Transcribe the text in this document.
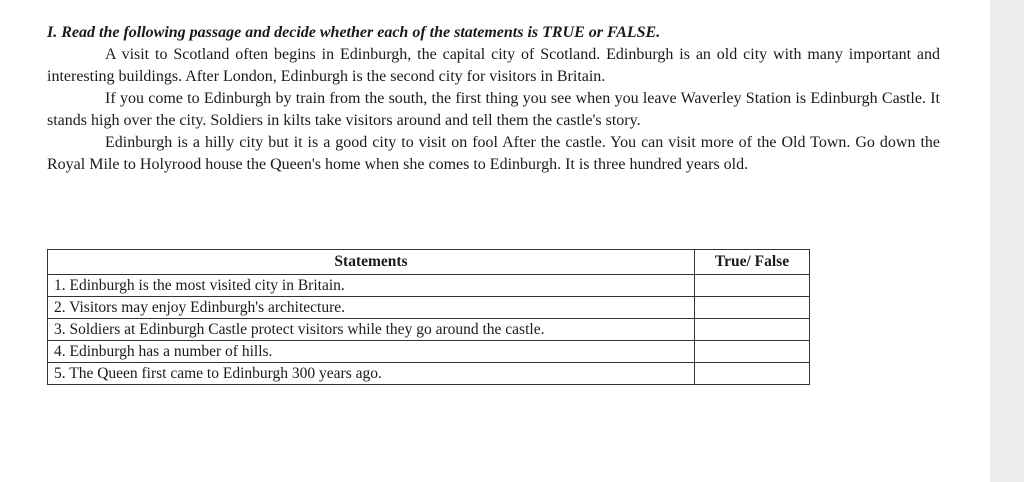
I. Read the following passage and decide whether each of the statements is TRUE or FALSE.

A visit to Scotland often begins in Edinburgh, the capital city of Scotland. Edinburgh is an old city with many important and interesting buildings. After London, Edinburgh is the second city for visitors in Britain.

If you come to Edinburgh by train from the south, the first thing you see when you leave Waverley Station is Edinburgh Castle. It stands high over the city. Soldiers in kilts take visitors around and tell them the castle's story.

Edinburgh is a hilly city but it is a good city to visit on fool After the castle. You can visit more of the Old Town. Go down the Royal Mile to Holyrood house the Queen's home when she comes to Edinburgh. It is three hundred years old.

Statements	True/ False
1. Edinburgh is the most visited city in Britain.	
2. Visitors may enjoy Edinburgh's architecture.	
3. Soldiers at Edinburgh Castle protect visitors while they go around the castle.	
4. Edinburgh has a number of hills.	
5. The Queen first came to Edinburgh 300 years ago.	
